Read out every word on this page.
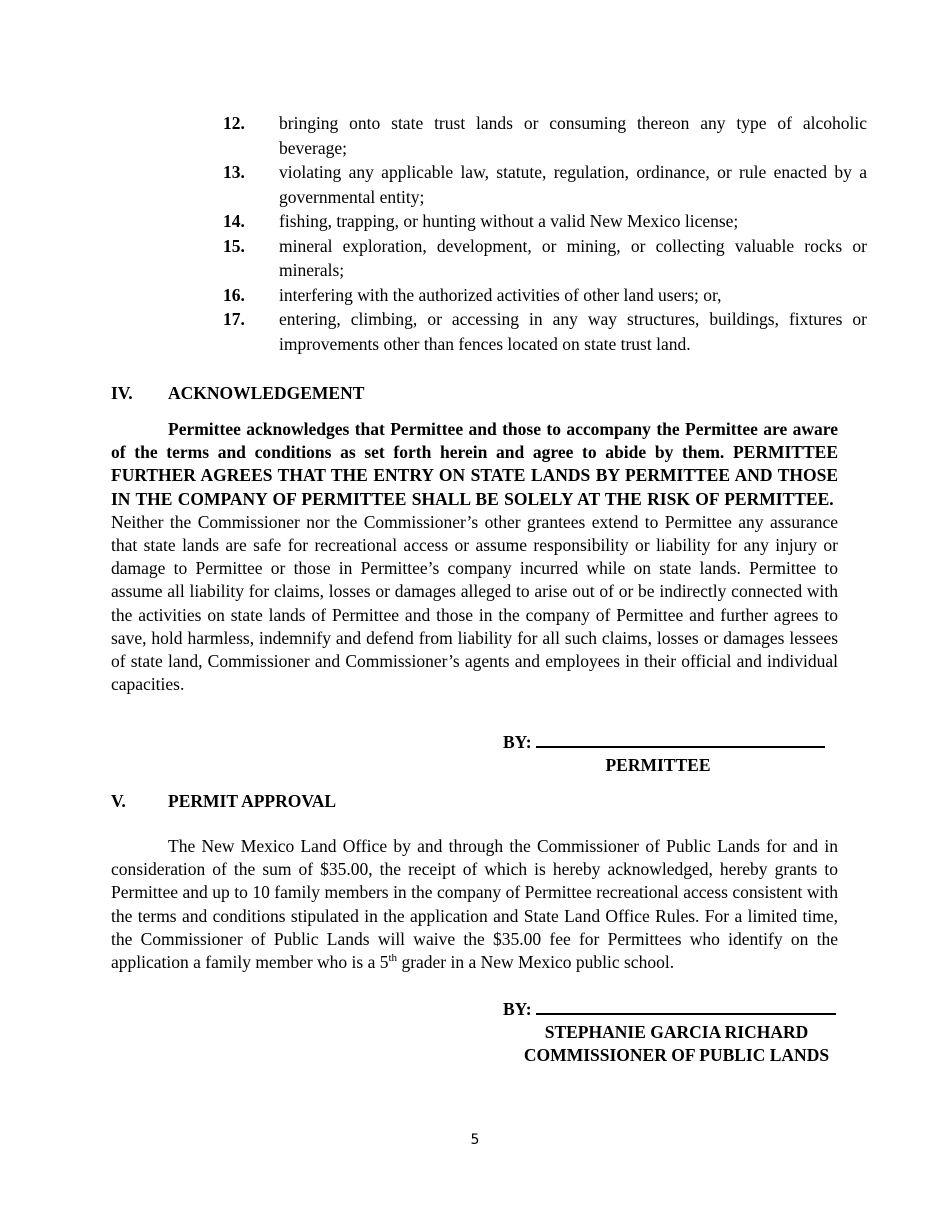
12.	bringing onto state trust lands or consuming thereon any type of alcoholic beverage;
13.	violating any applicable law, statute, regulation, ordinance, or rule enacted by a governmental entity;
14.	fishing, trapping, or hunting without a valid New Mexico license;
15.	mineral exploration, development, or mining, or collecting valuable rocks or minerals;
16.	interfering with the authorized activities of other land users; or,
17.	entering, climbing, or accessing in any way structures, buildings, fixtures or improvements other than fences located on state trust land.
IV. ACKNOWLEDGEMENT
Permittee acknowledges that Permittee and those to accompany the Permittee are aware of the terms and conditions as set forth herein and agree to abide by them. PERMITTEE FURTHER AGREES THAT THE ENTRY ON STATE LANDS BY PERMITTEE AND THOSE IN THE COMPANY OF PERMITTEE SHALL BE SOLELY AT THE RISK OF PERMITTEE.  Neither the Commissioner nor the Commissioner’s other grantees extend to Permittee any assurance that state lands are safe for recreational access or assume responsibility or liability for any injury or damage to Permittee or those in Permittee’s company incurred while on state lands. Permittee to assume all liability for claims, losses or damages alleged to arise out of or be indirectly connected with the activities on state lands of Permittee and those in the company of Permittee and further agrees to save, hold harmless, indemnify and defend from liability for all such claims, losses or damages lessees of state land, Commissioner and Commissioner’s agents and employees in their official and individual capacities.
BY:
PERMITTEE
V. PERMIT APPROVAL
The New Mexico Land Office by and through the Commissioner of Public Lands for and in consideration of the sum of $35.00, the receipt of which is hereby acknowledged, hereby grants to Permittee and up to 10 family members in the company of Permittee recreational access consistent with the terms and conditions stipulated in the application and State Land Office Rules. For a limited time, the Commissioner of Public Lands will waive the $35.00 fee for Permittees who identify on the application a family member who is a 5th grader in a New Mexico public school.
BY:
STEPHANIE GARCIA RICHARD
COMMISSIONER OF PUBLIC LANDS
5
